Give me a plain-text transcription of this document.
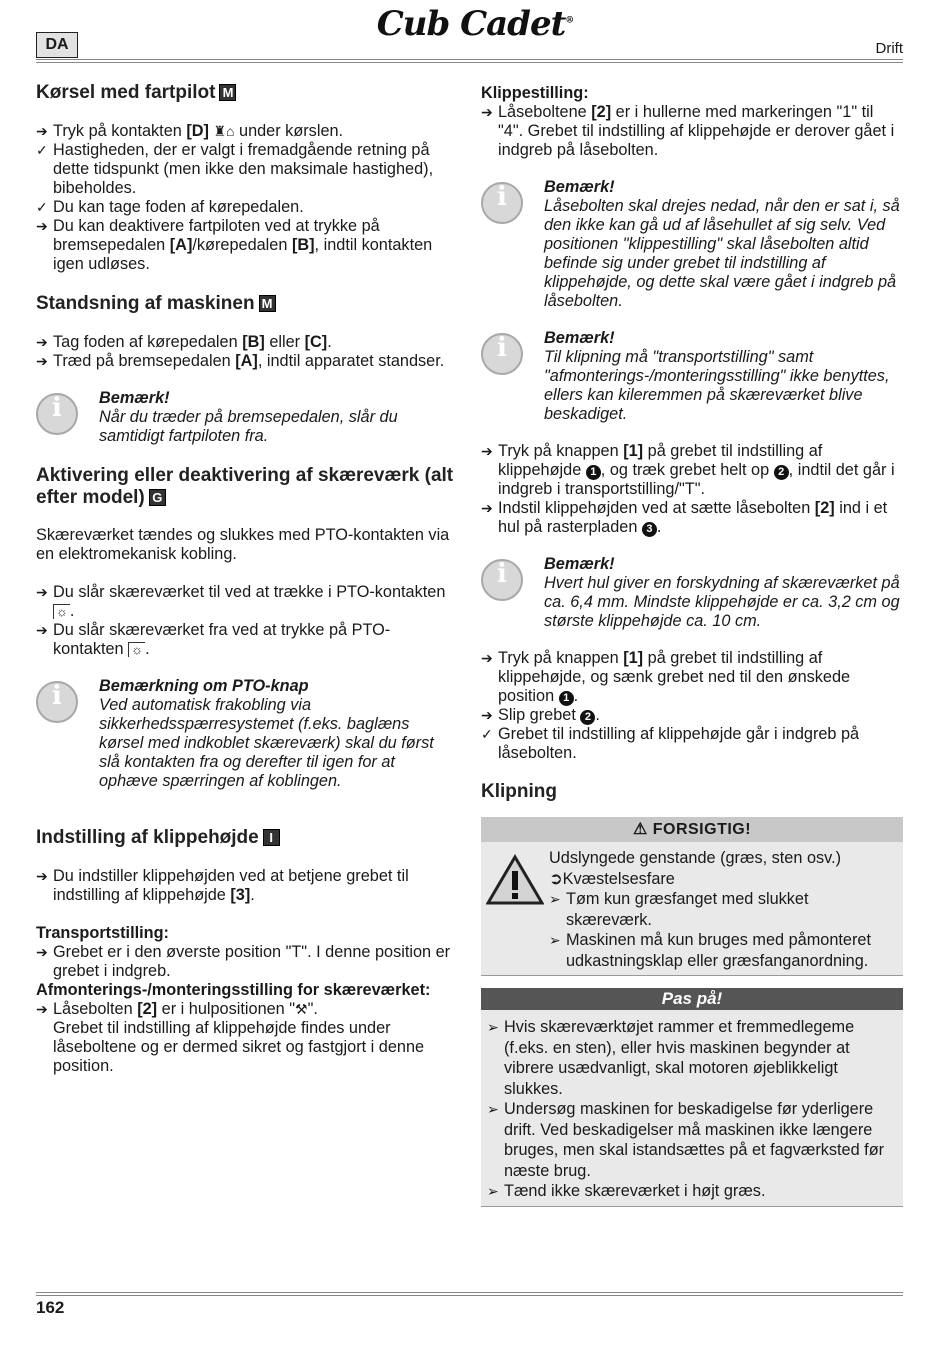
Cub Cadet®
DA	Drift
Kørsel med fartpilot M
➔ Tryk på kontakten [D] ♜⌂ under kørslen.
✓ Hastigheden, der er valgt i fremadgående retning på dette tidspunkt (men ikke den maksimale hastighed), bibeholdes.
✓ Du kan tage foden af kørepedalen.
➔ Du kan deaktivere fartpiloten ved at trykke på bremsepedalen [A]/kørepedalen [B], indtil kontakten igen udløses.
Standsning af maskinen M
➔ Tag foden af kørepedalen [B] eller [C].
➔ Træd på bremsepedalen [A], indtil apparatet standser.
i

Bemærk!

Når du træder på bremsepedalen, slår du samtidigt fartpiloten fra.

Aktivering eller deaktivering af skæreværk (alt efter model) G

Skæreværket tændes og slukkes med PTO-kontakten via en elektromekanisk kobling.

➔ Du slår skæreværket til ved at trække i PTO-kontakten ☼ .
➔ Du slår skæreværket fra ved at trykke på PTO-kontakten ☼ .
i

Bemærkning om PTO-knap

Ved automatisk frakobling via sikkerhedsspærresystemet (f.eks. baglæns kørsel med indkoblet skæreværk) skal du først slå kontakten fra og derefter til igen for at ophæve spærringen af koblingen.

Indstilling af klippehøjde I
➔ Du indstiller klippehøjden ved at betjene grebet til indstilling af klippehøjde [3].

Transportstilling:

➔ Grebet er i den øverste position "T". I denne position er grebet i indgreb.

Afmonterings-/monteringsstilling for skæreværket:

➔ Låsebolten [2] er i hulpositionen "⚒".

Grebet til indstilling af klippehøjde findes under låseboltene og er dermed sikret og fastgjort i denne position.

Klippestilling:

➔ Låseboltene [2] er i hullerne med markeringen "1" til "4". Grebet til indstilling af klippehøjde er derover gået i indgreb på låsebolten.
i

Bemærk!

Låsebolten skal drejes nedad, når den er sat i, så den ikke kan gå ud af låsehullet af sig selv. Ved positionen "klippestilling" skal låsebolten altid befinde sig under grebet til indstilling af klippehøjde, og dette skal være gået i indgreb på låsebolten.

i

Bemærk!

Til klipning må "transportstilling" samt "afmonterings-/monteringsstilling" ikke benyttes, ellers kan kileremmen på skæreværket blive beskadiget.

➔ Tryk på knappen [1] på grebet til indstilling af klippehøjde 1 , og træk grebet helt op 2 , indtil det går i indgreb i transportstilling/"T".
➔ Indstil klippehøjden ved at sætte låsebolten [2] ind i et hul på rasterpladen 3 .
i

Bemærk!

Hvert hul giver en forskydning af skæreværket på ca. 6,4 mm. Mindste klippehøjde er ca. 3,2 cm og største klippehøjde ca. 10 cm.

➔ Tryk på knappen [1] på grebet til indstilling af klippehøjde, og sænk grebet ned til den ønskede position 1 .
➔ Slip grebet 2 .
✓ Grebet til indstilling af klippehøjde går i indgreb på låsebolten.
Klipning
⚠ FORSIGTIG!

Udslyngede genstande (græs, sten osv.)

➲Kvæstelsesfare

➢ Tøm kun græsfanget med slukket skæreværk.
➢ Maskinen må kun bruges med påmonteret udkastningsklap eller græsfanganordning.
Pas på!
➢ Hvis skæreværktøjet rammer et fremmedlegeme (f.eks. en sten), eller hvis maskinen begynder at vibrere usædvanligt, skal motoren øjeblikkeligt slukkes.
➢ Undersøg maskinen for beskadigelse før yderligere drift. Ved beskadigelser må maskinen ikke længere bruges, men skal istandsættes på et fagværksted før næste brug.
➢ Tænd ikke skæreværket i højt græs.
162
